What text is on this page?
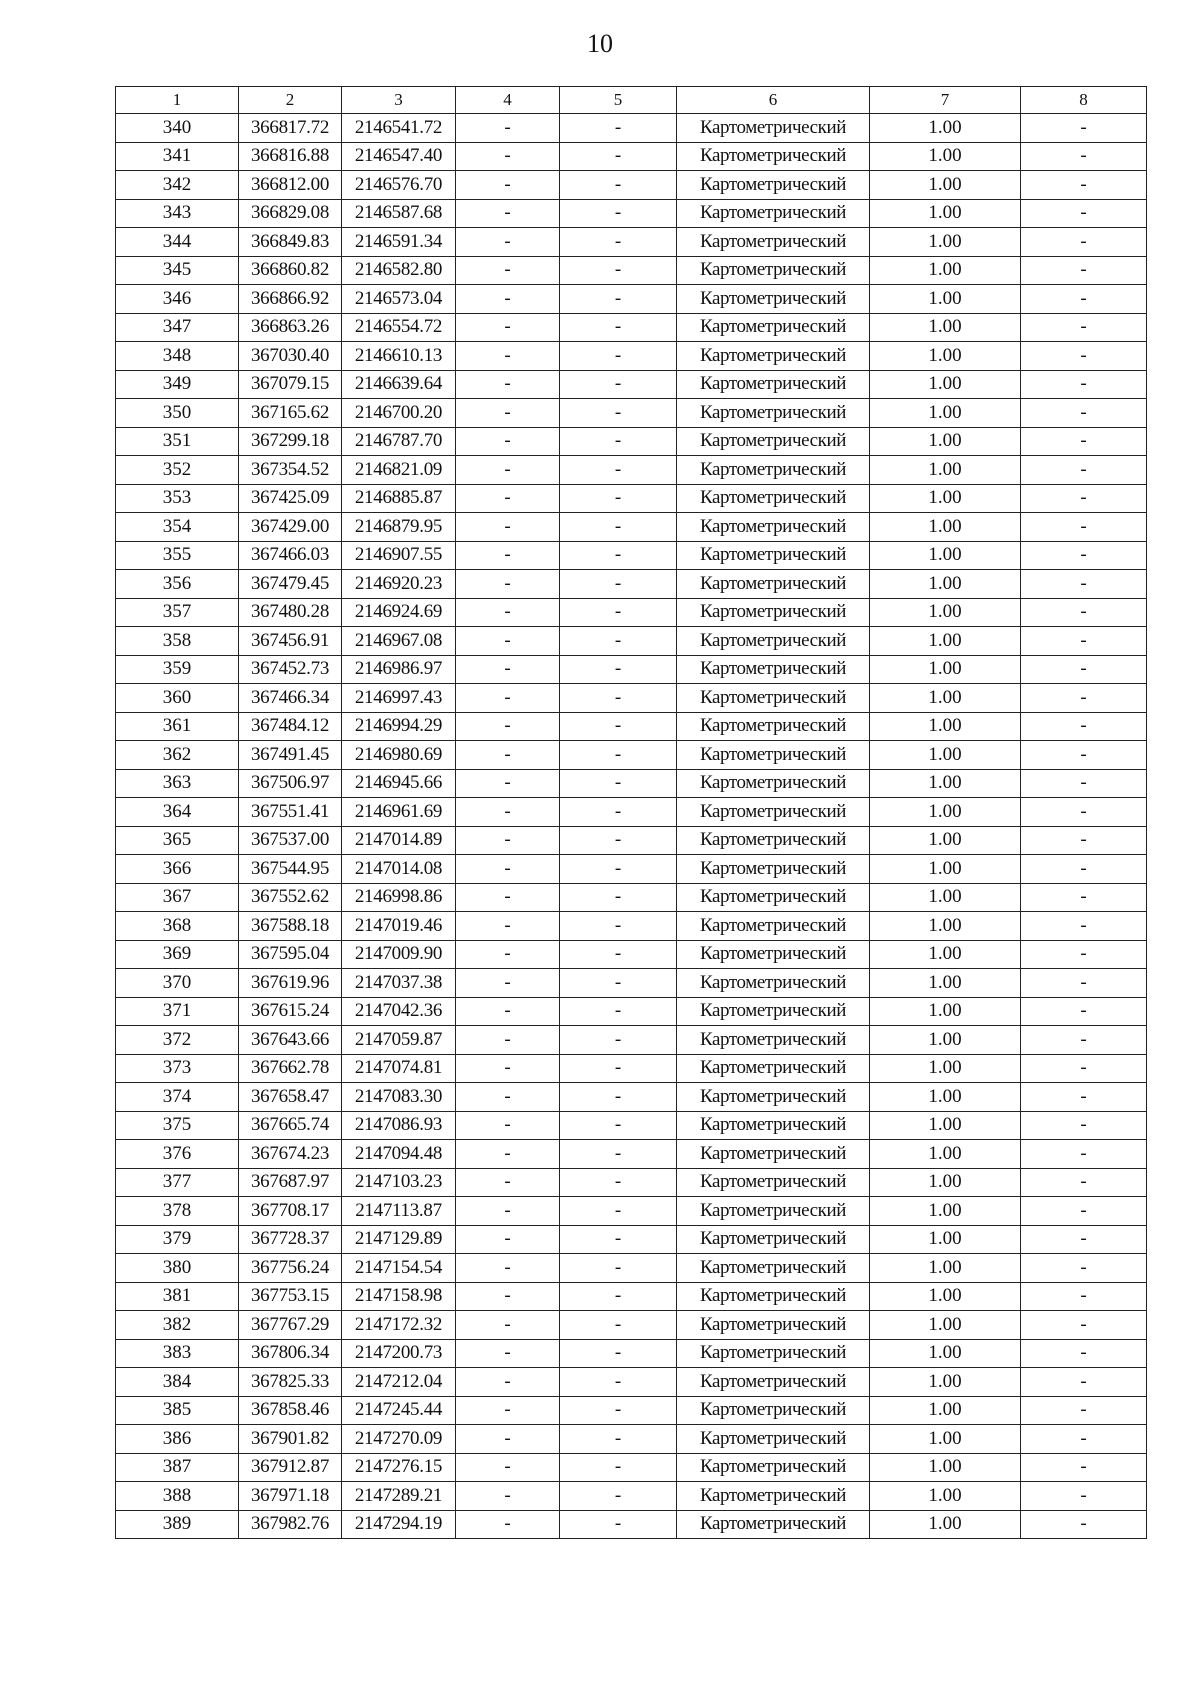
10
1	2	3	4	5	6	7	8
340	366817.72	2146541.72	-	-	Картометрический	1.00	-
341	366816.88	2146547.40	-	-	Картометрический	1.00	-
342	366812.00	2146576.70	-	-	Картометрический	1.00	-
343	366829.08	2146587.68	-	-	Картометрический	1.00	-
344	366849.83	2146591.34	-	-	Картометрический	1.00	-
345	366860.82	2146582.80	-	-	Картометрический	1.00	-
346	366866.92	2146573.04	-	-	Картометрический	1.00	-
347	366863.26	2146554.72	-	-	Картометрический	1.00	-
348	367030.40	2146610.13	-	-	Картометрический	1.00	-
349	367079.15	2146639.64	-	-	Картометрический	1.00	-
350	367165.62	2146700.20	-	-	Картометрический	1.00	-
351	367299.18	2146787.70	-	-	Картометрический	1.00	-
352	367354.52	2146821.09	-	-	Картометрический	1.00	-
353	367425.09	2146885.87	-	-	Картометрический	1.00	-
354	367429.00	2146879.95	-	-	Картометрический	1.00	-
355	367466.03	2146907.55	-	-	Картометрический	1.00	-
356	367479.45	2146920.23	-	-	Картометрический	1.00	-
357	367480.28	2146924.69	-	-	Картометрический	1.00	-
358	367456.91	2146967.08	-	-	Картометрический	1.00	-
359	367452.73	2146986.97	-	-	Картометрический	1.00	-
360	367466.34	2146997.43	-	-	Картометрический	1.00	-
361	367484.12	2146994.29	-	-	Картометрический	1.00	-
362	367491.45	2146980.69	-	-	Картометрический	1.00	-
363	367506.97	2146945.66	-	-	Картометрический	1.00	-
364	367551.41	2146961.69	-	-	Картометрический	1.00	-
365	367537.00	2147014.89	-	-	Картометрический	1.00	-
366	367544.95	2147014.08	-	-	Картометрический	1.00	-
367	367552.62	2146998.86	-	-	Картометрический	1.00	-
368	367588.18	2147019.46	-	-	Картометрический	1.00	-
369	367595.04	2147009.90	-	-	Картометрический	1.00	-
370	367619.96	2147037.38	-	-	Картометрический	1.00	-
371	367615.24	2147042.36	-	-	Картометрический	1.00	-
372	367643.66	2147059.87	-	-	Картометрический	1.00	-
373	367662.78	2147074.81	-	-	Картометрический	1.00	-
374	367658.47	2147083.30	-	-	Картометрический	1.00	-
375	367665.74	2147086.93	-	-	Картометрический	1.00	-
376	367674.23	2147094.48	-	-	Картометрический	1.00	-
377	367687.97	2147103.23	-	-	Картометрический	1.00	-
378	367708.17	2147113.87	-	-	Картометрический	1.00	-
379	367728.37	2147129.89	-	-	Картометрический	1.00	-
380	367756.24	2147154.54	-	-	Картометрический	1.00	-
381	367753.15	2147158.98	-	-	Картометрический	1.00	-
382	367767.29	2147172.32	-	-	Картометрический	1.00	-
383	367806.34	2147200.73	-	-	Картометрический	1.00	-
384	367825.33	2147212.04	-	-	Картометрический	1.00	-
385	367858.46	2147245.44	-	-	Картометрический	1.00	-
386	367901.82	2147270.09	-	-	Картометрический	1.00	-
387	367912.87	2147276.15	-	-	Картометрический	1.00	-
388	367971.18	2147289.21	-	-	Картометрический	1.00	-
389	367982.76	2147294.19	-	-	Картометрический	1.00	-
